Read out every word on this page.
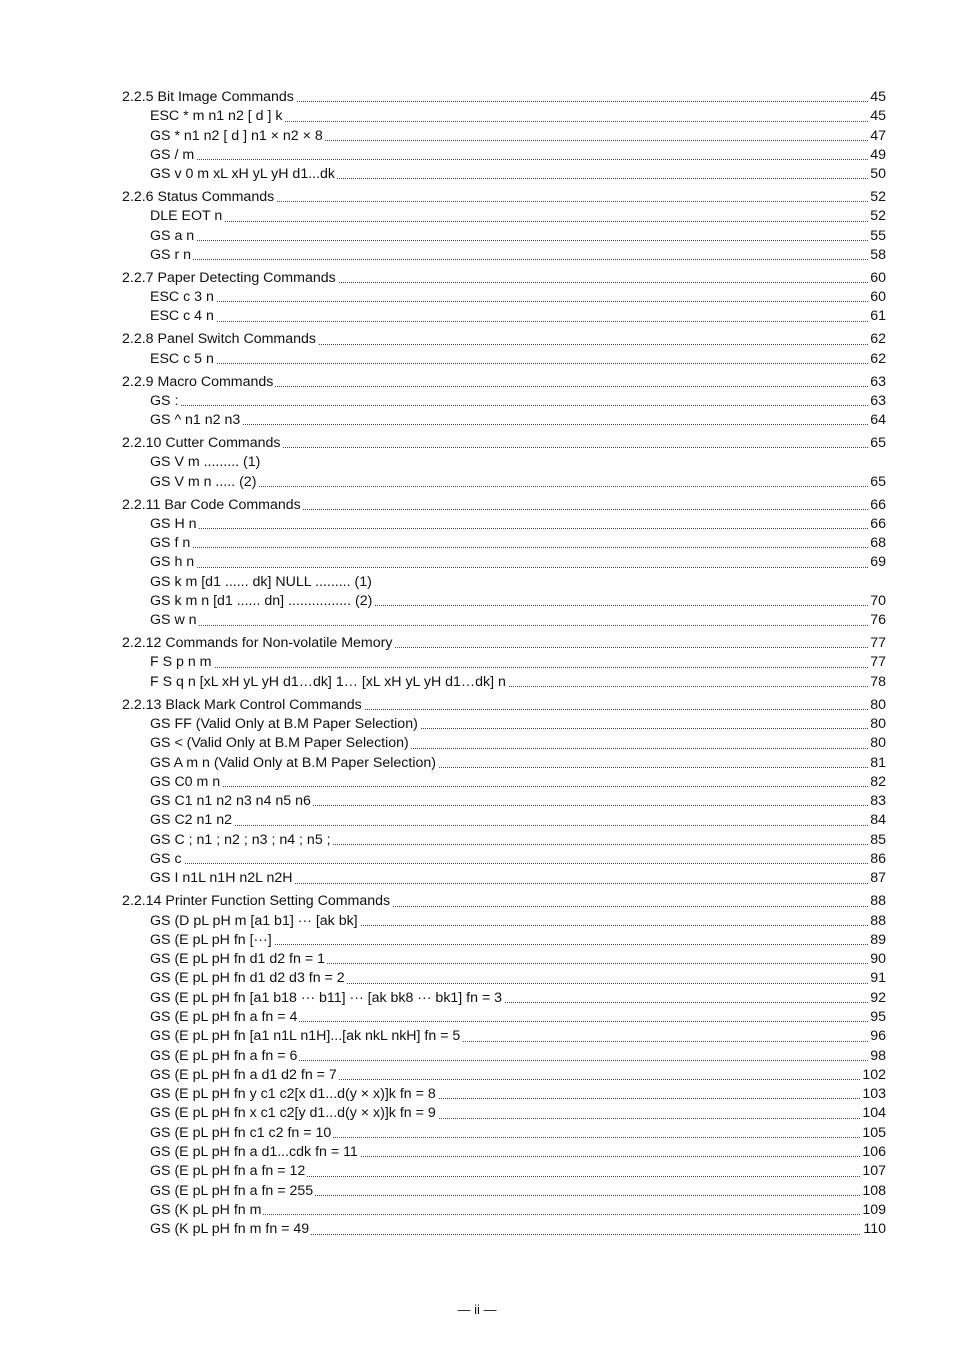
2.2.5 Bit Image Commands	45
ESC * m n1 n2 [ d ] k	45
GS * n1 n2 [ d ] n1 × n2 × 8	47
GS / m	49
GS v 0 m xL xH yL yH d1...dk	50
2.2.6 Status Commands	52
DLE EOT n	52
GS a n	55
GS r n	58
2.2.7 Paper Detecting Commands	60
ESC c 3 n	60
ESC c 4 n	61
2.2.8 Panel Switch Commands	62
ESC c 5 n	62
2.2.9 Macro Commands	63
GS :	63
GS ^ n1 n2 n3	64
2.2.10 Cutter Commands	65
GS V m ......... (1)
GS V m n ..... (2)	65
2.2.11 Bar Code Commands	66
GS H n	66
GS f n	68
GS h n	69
GS k m [d1 ...... dk] NULL ......... (1)
GS k m n [d1 ...... dn] ................ (2)	70
GS w n	76
2.2.12 Commands for Non-volatile Memory	77
F S p n m	77
F S q n [xL xH yL yH d1…dk] 1… [xL xH yL yH d1…dk] n	78
2.2.13 Black Mark Control Commands	80
GS FF (Valid Only at B.M Paper Selection)	80
GS < (Valid Only at B.M Paper Selection)	80
GS A m n (Valid Only at B.M Paper Selection)	81
GS C0 m n	82
GS C1 n1 n2 n3 n4 n5 n6	83
GS C2 n1 n2	84
GS C ; n1 ; n2 ; n3 ; n4 ; n5 ;	85
GS c	86
GS I n1L n1H n2L n2H	87
2.2.14 Printer Function Setting Commands	88
GS (D pL pH m [a1 b1] ··· [ak bk]	88
GS (E pL pH fn [···]	89
GS (E pL pH fn d1 d2 fn = 1	90
GS (E pL pH fn d1 d2 d3 fn = 2	91
GS (E pL pH fn [a1 b18 ··· b11] ··· [ak bk8 ··· bk1] fn = 3	92
GS (E pL pH fn a fn = 4	95
GS (E pL pH fn [a1 n1L n1H]...[ak nkL nkH] fn = 5	96
GS (E pL pH fn a fn = 6	98
GS (E pL pH fn a d1 d2 fn = 7	102
GS (E pL pH fn y c1 c2[x d1...d(y × x)]k fn = 8	103
GS (E pL pH fn x c1 c2[y d1...d(y × x)]k fn = 9	104
GS (E pL pH fn c1 c2 fn = 10	105
GS (E pL pH fn a d1...cdk fn = 11	106
GS (E pL pH fn a fn = 12	107
GS (E pL pH fn a fn = 255	108
GS (K pL pH fn m	109
GS (K pL pH fn m fn = 49	110
— ii —
